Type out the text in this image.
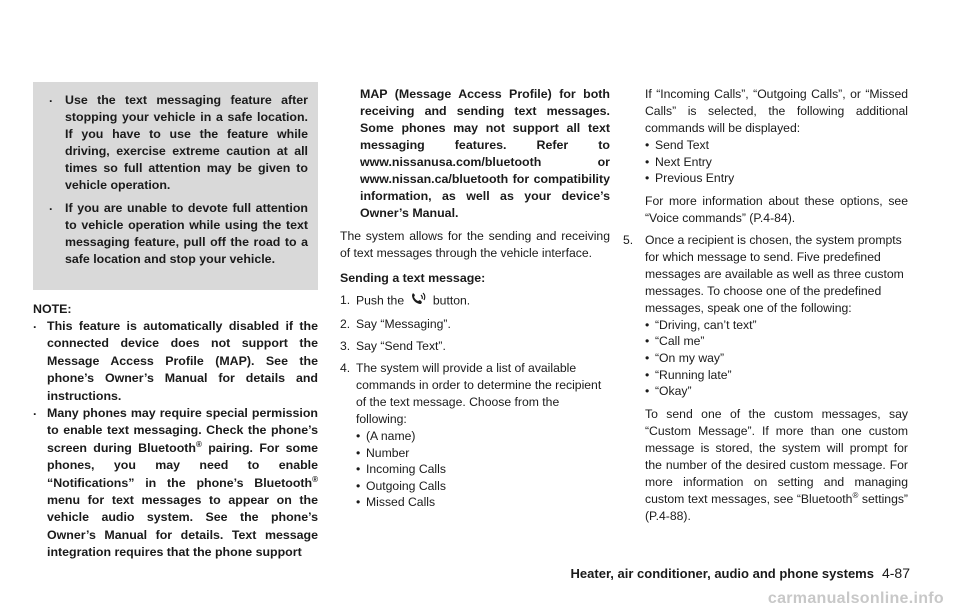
. Use the text messaging feature after stopping your vehicle in a safe location. If you have to use the feature while driving, exercise extreme caution at all times so full attention may be given to vehicle operation.
. If you are unable to devote full attention to vehicle operation while using the text messaging feature, pull off the road to a safe location and stop your vehicle.
NOTE:
. This feature is automatically disabled if the connected device does not support the Message Access Profile (MAP). See the phone’s Owner’s Manual for details and instructions.
. Many phones may require special permission to enable text messaging. Check the phone’s screen during Bluetooth® pairing. For some phones, you may need to enable “Notifications” in the phone’s Bluetooth® menu for text messages to appear on the vehicle audio system. See the phone’s Owner’s Manual for details. Text message integration requires that the phone support

MAP (Message Access Profile) for both receiving and sending text messages. Some phones may not support all text messaging features. Refer to www.nissanusa.com/bluetooth or www.nissan.ca/bluetooth for compatibility information, as well as your device’s Owner’s Manual.

The system allows for the sending and receiving of text messages through the vehicle interface.

Sending a text message:
1. Push the button.
2. Say “Messaging”.
3. Say “Send Text”.
4. The system will provide a list of available commands in order to determine the recipient of the text message. Choose from the following:
• (A name)
• Number
• Incoming Calls
• Outgoing Calls
• Missed Calls

If “Incoming Calls”, “Outgoing Calls”, or “Missed Calls” is selected, the following additional commands will be displayed:

• Send Text
• Next Entry
• Previous Entry

For more information about these options, see “Voice commands” (P.4-84).

5. Once a recipient is chosen, the system prompts for which message to send. Five predefined messages are available as well as three custom messages. To choose one of the predefined messages, speak one of the following:
• “Driving, can’t text”
• “Call me”
• “On my way”
• “Running late”
• “Okay”

To send one of the custom messages, say “Custom Message”. If more than one custom message is stored, the system will prompt for the number of the desired custom message. For more information on setting and managing custom text messages, see “Bluetooth® settings” (P.4-88).

Heater, air conditioner, audio and phone systems 4-87
carmanualsonline.info
